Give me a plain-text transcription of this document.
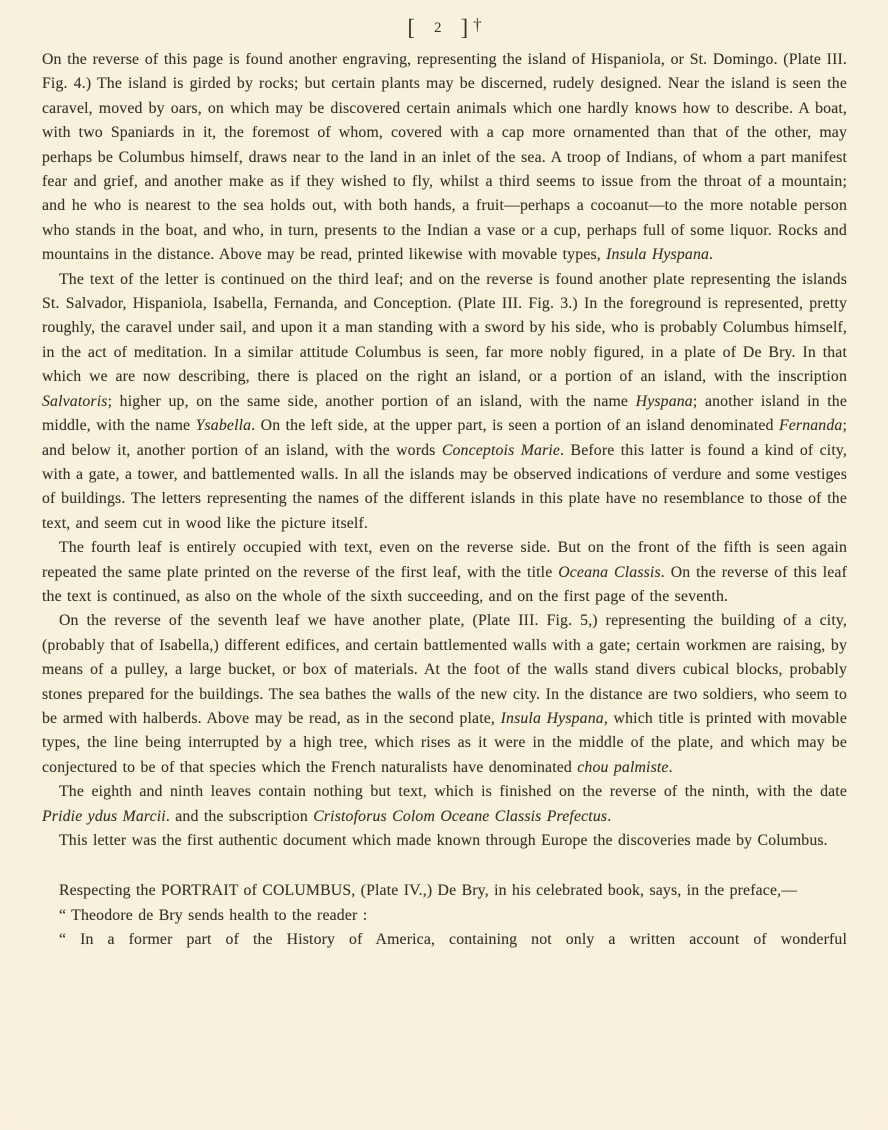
[ 2 ] †

On the reverse of this page is found another engraving, representing the island of Hispaniola, or St. Domingo. (Plate III. Fig. 4.) The island is girded by rocks; but certain plants may be discerned, rudely designed. Near the island is seen the caravel, moved by oars, on which may be discovered certain animals which one hardly knows how to describe. A boat, with two Spaniards in it, the foremost of whom, covered with a cap more ornamented than that of the other, may perhaps be Columbus himself, draws near to the land in an inlet of the sea. A troop of Indians, of whom a part manifest fear and grief, and another make as if they wished to fly, whilst a third seems to issue from the throat of a mountain; and he who is nearest to the sea holds out, with both hands, a fruit—perhaps a cocoanut—to the more notable person who stands in the boat, and who, in turn, presents to the Indian a vase or a cup, perhaps full of some liquor. Rocks and mountains in the distance. Above may be read, printed likewise with movable types, Insula Hyspana.

The text of the letter is continued on the third leaf; and on the reverse is found another plate representing the islands St. Salvador, Hispaniola, Isabella, Fernanda, and Conception. (Plate III. Fig. 3.) In the foreground is represented, pretty roughly, the caravel under sail, and upon it a man standing with a sword by his side, who is probably Columbus himself, in the act of meditation. In a similar attitude Columbus is seen, far more nobly figured, in a plate of De Bry. In that which we are now describing, there is placed on the right an island, or a portion of an island, with the inscription Salvatoris; higher up, on the same side, another portion of an island, with the name Hyspana; another island in the middle, with the name Ysabella. On the left side, at the upper part, is seen a portion of an island denominated Fernanda; and below it, another portion of an island, with the words Conceptois Marie. Before this latter is found a kind of city, with a gate, a tower, and battlemented walls. In all the islands may be observed indications of verdure and some vestiges of buildings. The letters representing the names of the different islands in this plate have no resemblance to those of the text, and seem cut in wood like the picture itself.

The fourth leaf is entirely occupied with text, even on the reverse side. But on the front of the fifth is seen again repeated the same plate printed on the reverse of the first leaf, with the title Oceana Classis. On the reverse of this leaf the text is continued, as also on the whole of the sixth succeeding, and on the first page of the seventh.

On the reverse of the seventh leaf we have another plate, (Plate III. Fig. 5,) representing the building of a city, (probably that of Isabella,) different edifices, and certain battlemented walls with a gate; certain workmen are raising, by means of a pulley, a large bucket, or box of materials. At the foot of the walls stand divers cubical blocks, probably stones prepared for the buildings. The sea bathes the walls of the new city. In the distance are two soldiers, who seem to be armed with halberds. Above may be read, as in the second plate, Insula Hyspana, which title is printed with movable types, the line being interrupted by a high tree, which rises as it were in the middle of the plate, and which may be conjectured to be of that species which the French naturalists have denominated chou palmiste.

The eighth and ninth leaves contain nothing but text, which is finished on the reverse of the ninth, with the date Pridie ydus Marcii. and the subscription Cristoforus Colom Oceane Classis Prefectus.

This letter was the first authentic document which made known through Europe the discoveries made by Columbus.

Respecting the PORTRAIT of COLUMBUS, (Plate IV.,) De Bry, in his celebrated book, says, in the preface,—

“ Theodore de Bry sends health to the reader :

“ In a former part of the History of America, containing not only a written account of wonderful
